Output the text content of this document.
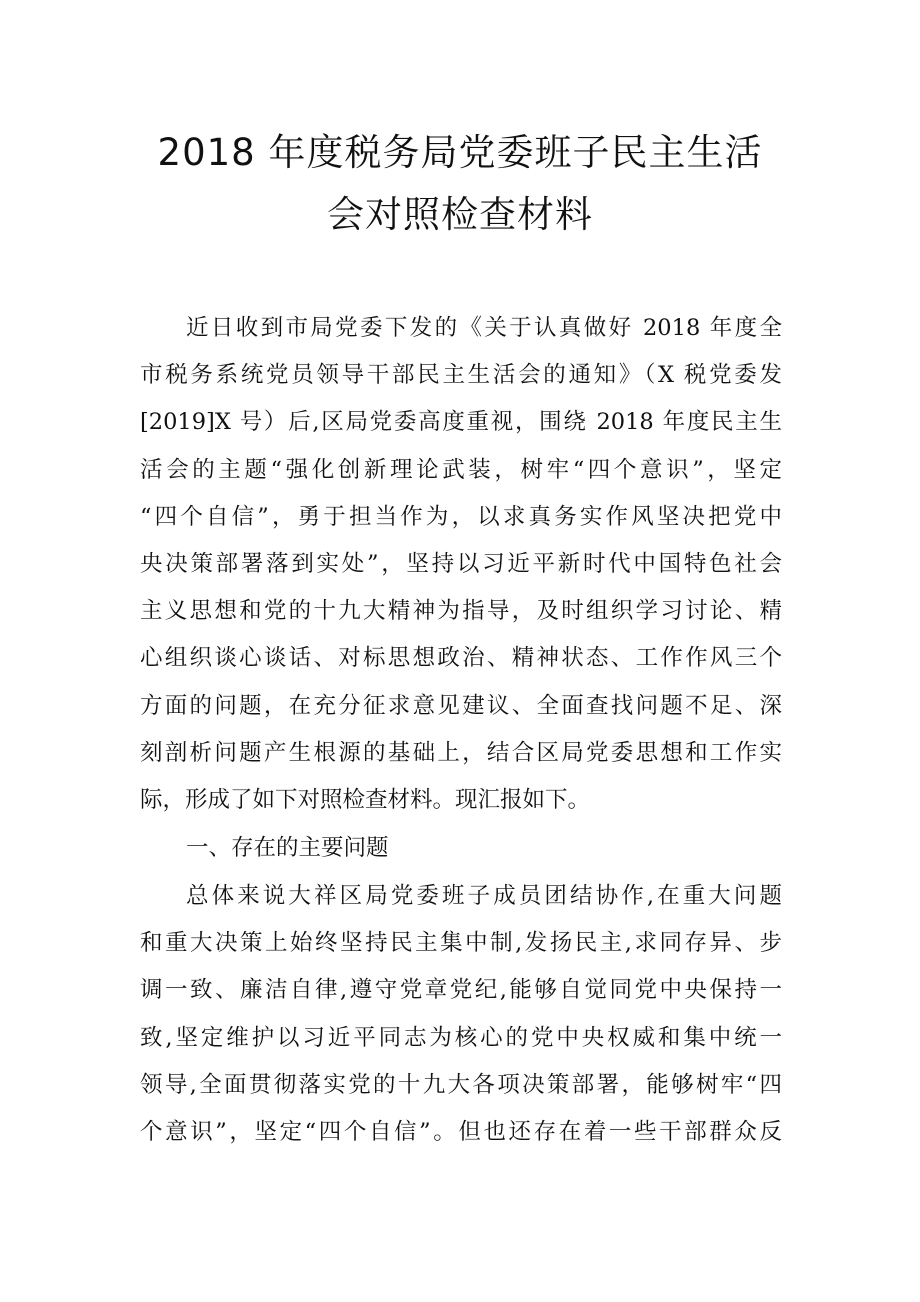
2018 年度税务局党委班子民主生活
会对照检查材料
近日收到市局党委下发的《关于认真做好 2018 年度全
市税务系统党员领导干部民主生活会的通知》（X 税党委发
[2019]X 号）后,区局党委高度重视，围绕 2018 年度民主生
活会的主题“强化创新理论武装，树牢“四个意识”，坚定
“四个自信”，勇于担当作为，以求真务实作风坚决把党中
央决策部署落到实处”，坚持以习近平新时代中国特色社会
主义思想和党的十九大精神为指导，及时组织学习讨论、精
心组织谈心谈话、对标思想政治、精神状态、工作作风三个
方面的问题，在充分征求意见建议、全面查找问题不足、深
刻剖析问题产生根源的基础上，结合区局党委思想和工作实
际，形成了如下对照检查材料。现汇报如下。
一、存在的主要问题
总体来说大祥区局党委班子成员团结协作,在重大问题
和重大决策上始终坚持民主集中制,发扬民主,求同存异、步
调一致、廉洁自律,遵守党章党纪,能够自觉同党中央保持一
致,坚定维护以习近平同志为核心的党中央权威和集中统一
领导,全面贯彻落实党的十九大各项决策部署，能够树牢“四
个意识”，坚定“四个自信”。但也还存在着一些干部群众反
